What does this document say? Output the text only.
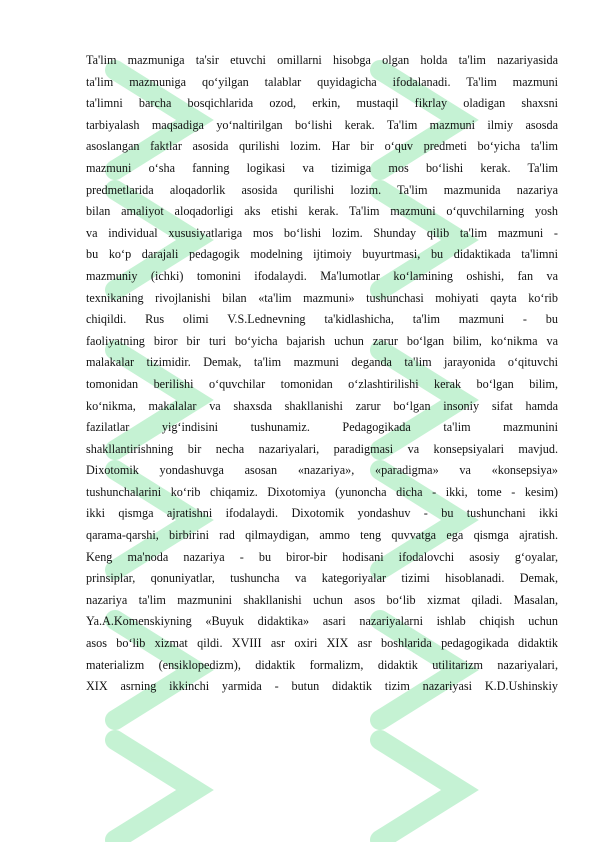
Ta'lim mazmuniga ta'sir etuvchi omillarni hisobga olgan holda ta'lim nazariyasida
ta'lim mazmuniga qo‘yilgan talablar quyidagicha ifodalanadi. Ta'lim mazmuni
ta'limni barcha bosqichlarida ozod, erkin, mustaqil fikrlay oladigan shaxsni
tarbiyalash maqsadiga yo‘naltirilgan bo‘lishi kerak. Ta'lim mazmuni ilmiy asosda
asoslangan faktlar asosida qurilishi lozim. Har bir o‘quv predmeti bo‘yicha ta'lim
mazmuni o‘sha fanning logikasi va tizimiga mos bo‘lishi kerak. Ta'lim
predmetlarida aloqadorlik asosida qurilishi lozim. Ta'lim mazmunida nazariya
bilan amaliyot aloqadorligi aks etishi kerak. Ta'lim mazmuni o‘quvchilarning yosh
va individual xususiyatlariga mos bo‘lishi lozim. Shunday qilib ta'lim mazmuni -
bu ko‘p darajali pedagogik modelning ijtimoiy buyurtmasi, bu didaktikada ta'limni
mazmuniy (ichki) tomonini ifodalaydi. Ma'lumotlar ko‘lamining oshishi, fan va
texnikaning rivojlanishi bilan «ta'lim mazmuni» tushunchasi mohiyati qayta ko‘rib
chiqildi. Rus olimi V.S.Lednevning ta'kidlashicha, ta'lim mazmuni - bu
faoliyatning biror bir turi bo‘yicha bajarish uchun zarur bo‘lgan bilim, ko‘nikma va
malakalar tizimidir. Demak, ta'lim mazmuni deganda ta'lim jarayonida o‘qituvchi
tomonidan berilishi o‘quvchilar tomonidan o‘zlashtirilishi kerak bo‘lgan bilim,
ko‘nikma, makalalar va shaxsda shakllanishi zarur bo‘lgan insoniy sifat hamda
fazilatlar yig‘indisini tushunamiz. Pedagogikada ta'lim mazmunini
shakllantirishning bir necha nazariyalari, paradigmasi va konsepsiyalari mavjud.
Dixotomik yondashuvga asosan «nazariya», «paradigma» va «konsepsiya»
tushunchalarini ko‘rib chiqamiz. Dixotomiya (yunoncha dicha - ikki, tome - kesim)
ikki qismga ajratishni ifodalaydi. Dixotomik yondashuv - bu tushunchani ikki
qarama-qarshi, birbirini rad qilmaydigan, ammo teng quvvatga ega qismga ajratish.
Keng ma'noda nazariya - bu biror-bir hodisani ifodalovchi asosiy g‘oyalar,
prinsiplar, qonuniyatlar, tushuncha va kategoriyalar tizimi hisoblanadi. Demak,
nazariya ta'lim mazmunini shakllanishi uchun asos bo‘lib xizmat qiladi. Masalan,
Ya.A.Komenskiyning «Buyuk didaktika» asari nazariyalarni ishlab chiqish uchun
asos bo‘lib xizmat qildi. XVIII asr oxiri XIX asr boshlarida pedagogikada didaktik
materializm (ensiklopedizm), didaktik formalizm, didaktik utilitarizm nazariyalari,
XIX asrning ikkinchi yarmida - butun didaktik tizim nazariyasi K.D.Ushinskiy
